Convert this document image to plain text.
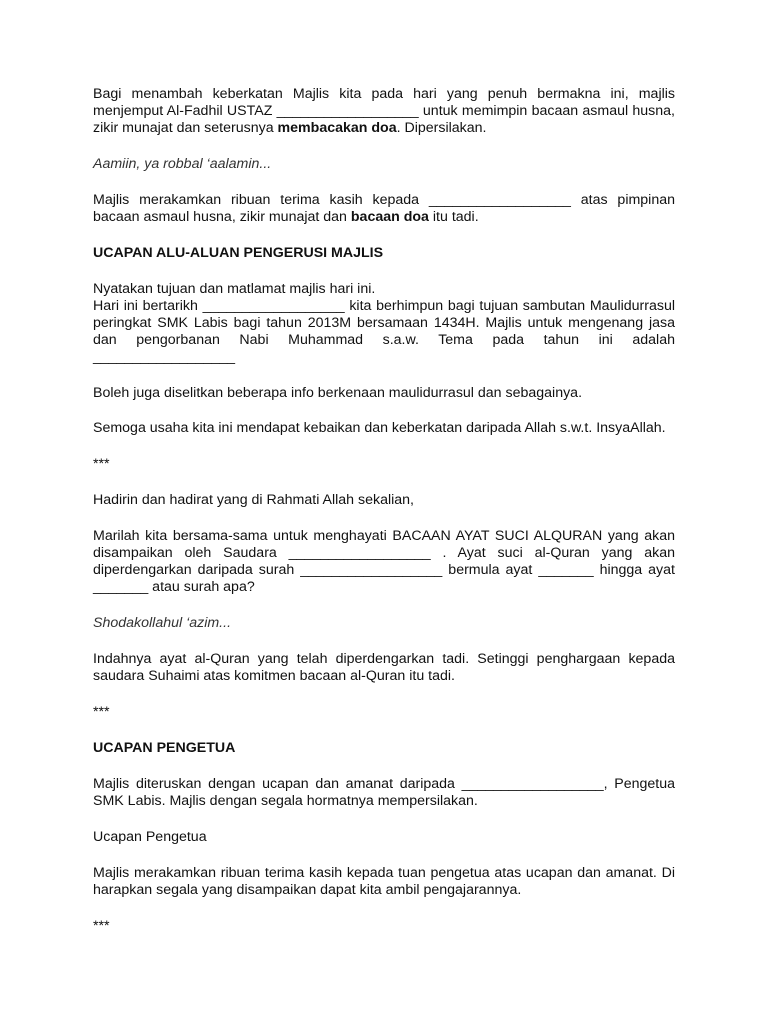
Bagi menambah keberkatan Majlis kita pada hari yang penuh bermakna ini, majlis menjemput Al-Fadhil USTAZ __________________ untuk memimpin bacaan asmaul husna, zikir munajat dan seterusnya membacakan doa. Dipersilakan.

Aamiin, ya robbal ‘aalamin...

Majlis merakamkan ribuan terima kasih kepada __________________ atas pimpinan bacaan asmaul husna, zikir munajat dan bacaan doa itu tadi.

UCAPAN ALU-ALUAN PENGERUSI MAJLIS

Nyatakan tujuan dan matlamat majlis hari ini.

Hari ini bertarikh __________________ kita berhimpun bagi tujuan sambutan Maulidurrasul peringkat SMK Labis bagi tahun 2013M bersamaan 1434H. Majlis untuk mengenang jasa dan pengorbanan Nabi Muhammad s.a.w. Tema pada tahun ini adalah __________________

Boleh juga diselitkan beberapa info berkenaan maulidurrasul dan sebagainya.

Semoga usaha kita ini mendapat kebaikan dan keberkatan daripada Allah s.w.t. InsyaAllah.

***

Hadirin dan hadirat yang di Rahmati Allah sekalian,

Marilah kita bersama-sama untuk menghayati BACAAN AYAT SUCI ALQURAN yang akan disampaikan oleh Saudara __________________ . Ayat suci al-Quran yang akan diperdengarkan daripada surah __________________ bermula ayat _______ hingga ayat _______ atau surah apa?

Shodakollahul ‘azim...

Indahnya ayat al-Quran yang telah diperdengarkan tadi. Setinggi penghargaan kepada saudara Suhaimi atas komitmen bacaan al-Quran itu tadi.

***

UCAPAN PENGETUA

Majlis diteruskan dengan ucapan dan amanat daripada __________________, Pengetua SMK Labis. Majlis dengan segala hormatnya mempersilakan.

Ucapan Pengetua

Majlis merakamkan ribuan terima kasih kepada tuan pengetua atas ucapan dan amanat. Di harapkan segala yang disampaikan dapat kita ambil pengajarannya.

***
